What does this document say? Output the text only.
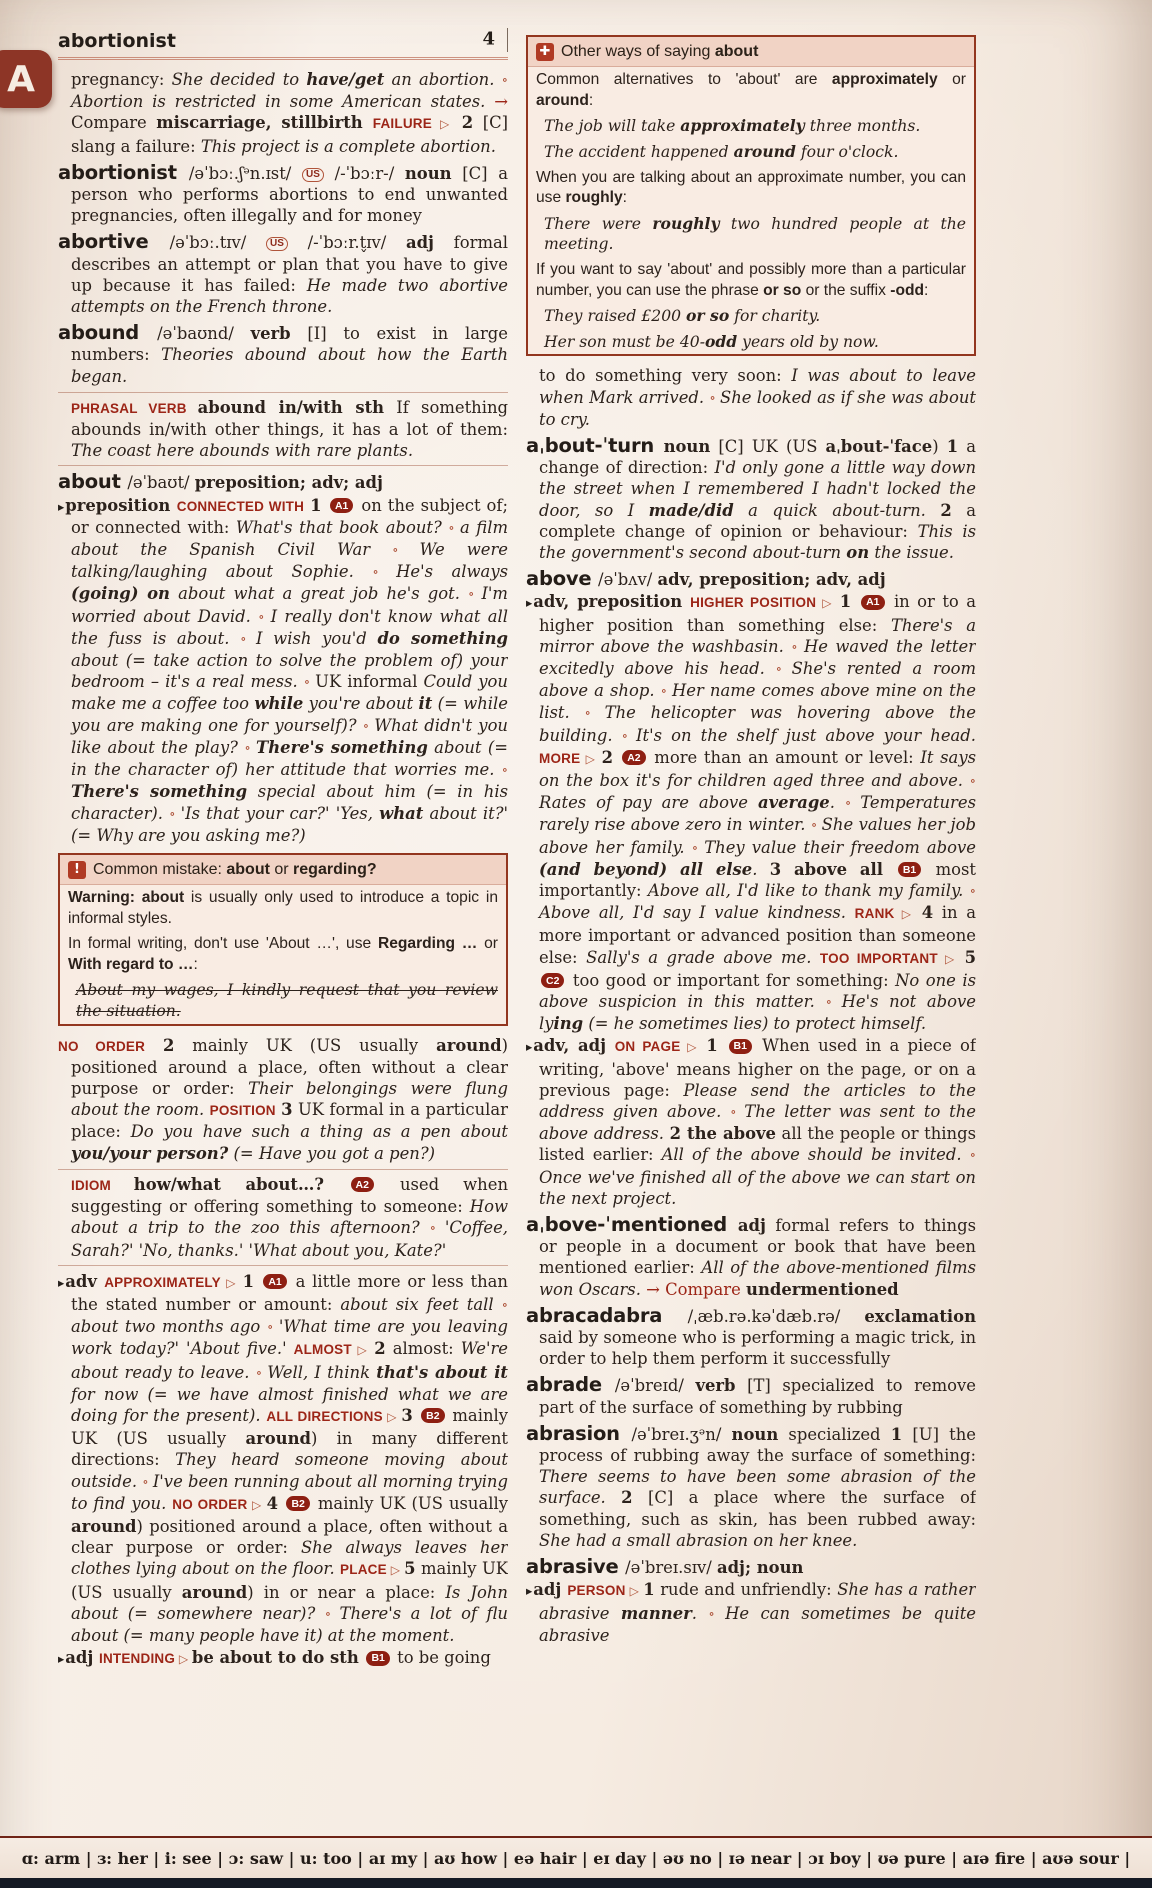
A
abortionist	4
pregnancy: She decided to have/get an abortion. ∘ Abortion is restricted in some American states. → Compare miscarriage, stillbirth FAILURE ▷ 2 [C] slang a failure: This project is a complete abortion.
abortionist /əˈbɔː.ʃᵊn.ɪst/ US /-ˈbɔːr-/ noun [C] a person who performs abortions to end unwanted pregnancies, often illegally and for money
abortive /əˈbɔː.tɪv/ US /-ˈbɔːr.t̬ɪv/ adj formal describes an attempt or plan that you have to give up because it has failed: He made two abortive attempts on the French throne.
abound /əˈbaʊnd/ verb [I] to exist in large numbers: Theories abound about how the Earth began.
PHRASAL VERB abound in/with sth If something abounds in/with other things, it has a lot of them: The coast here abounds with rare plants.
about /əˈbaʊt/ preposition; adv; adj
▸preposition CONNECTED WITH 1 A1 on the subject of; or connected with: What's that book about? ∘ a film about the Spanish Civil War ∘ We were talking/laughing about Sophie. ∘ He's always (going) on about what a great job he's got. ∘ I'm worried about David. ∘ I really don't know what all the fuss is about. ∘ I wish you'd do something about (= take action to solve the problem of) your bedroom – it's a real mess. ∘ UK informal Could you make me a coffee too while you're about it (= while you are making one for yourself)? ∘ What didn't you like about the play? ∘ There's something about (= in the character of) her attitude that worries me. ∘ There's something special about him (= in his character). ∘ 'Is that your car?' 'Yes, what about it?' (= Why are you asking me?)
! Common mistake: about or regarding?
Warning: about is usually only used to introduce a topic in informal styles.
In formal writing, don't use 'About …', use Regarding … or With regard to …:
About my wages, I kindly request that you review the situation.
NO ORDER 2 mainly UK (US usually around) positioned around a place, often without a clear purpose or order: Their belongings were flung about the room. POSITION 3 UK formal in a particular place: Do you have such a thing as a pen about you/your person? (= Have you got a pen?)
IDIOM how/what about…? A2 used when suggesting or offering something to someone: How about a trip to the zoo this afternoon? ∘ 'Coffee, Sarah?' 'No, thanks.' 'What about you, Kate?'
▸adv APPROXIMATELY ▷ 1 A1 a little more or less than the stated number or amount: about six feet tall ∘ about two months ago ∘ 'What time are you leaving work today?' 'About five.' ALMOST ▷ 2 almost: We're about ready to leave. ∘ Well, I think that's about it for now (= we have almost finished what we are doing for the present). ALL DIRECTIONS ▷ 3 B2 mainly UK (US usually around) in many different directions: They heard someone moving about outside. ∘ I've been running about all morning trying to find you. NO ORDER ▷ 4 B2 mainly UK (US usually around) positioned around a place, often without a clear purpose or order: She always leaves her clothes lying about on the floor. PLACE ▷ 5 mainly UK (US usually around) in or near a place: Is John about (= somewhere near)? ∘ There's a lot of flu about (= many people have it) at the moment.
▸adj INTENDING ▷ be about to do sth B1 to be going
✚ Other ways of saying about
Common alternatives to 'about' are approximately or around:
The job will take approximately three months.
The accident happened around four o'clock.
When you are talking about an approximate number, you can use roughly:
There were roughly two hundred people at the meeting.
If you want to say 'about' and possibly more than a particular number, you can use the phrase or so or the suffix -odd:
They raised £200 or so for charity.
Her son must be 40-odd years old by now.
to do something very soon: I was about to leave when Mark arrived. ∘ She looked as if she was about to cry.
aˌbout-ˈturn noun [C] UK (US aˌbout-ˈface) 1 a change of direction: I'd only gone a little way down the street when I remembered I hadn't locked the door, so I made/did a quick about-turn. 2 a complete change of opinion or behaviour: This is the government's second about-turn on the issue.
above /əˈbʌv/ adv, preposition; adv, adj
▸adv, preposition HIGHER POSITION ▷ 1 A1 in or to a higher position than something else: There's a mirror above the washbasin. ∘ He waved the letter excitedly above his head. ∘ She's rented a room above a shop. ∘ Her name comes above mine on the list. ∘ The helicopter was hovering above the building. ∘ It's on the shelf just above your head. MORE ▷ 2 A2 more than an amount or level: It says on the box it's for children aged three and above. ∘ Rates of pay are above average. ∘ Temperatures rarely rise above zero in winter. ∘ She values her job above her family. ∘ They value their freedom above (and beyond) all else. 3 above all B1 most importantly: Above all, I'd like to thank my family. ∘ Above all, I'd say I value kindness. RANK ▷ 4 in a more important or advanced position than someone else: Sally's a grade above me. TOO IMPORTANT ▷ 5 C2 too good or important for something: No one is above suspicion in this matter. ∘ He's not above lying (= he sometimes lies) to protect himself.
▸adv, adj ON PAGE ▷ 1 B1 When used in a piece of writing, 'above' means higher on the page, or on a previous page: Please send the articles to the address given above. ∘ The letter was sent to the above address. 2 the above all the people or things listed earlier: All of the above should be invited. ∘ Once we've finished all of the above we can start on the next project.
aˌbove-ˈmentioned adj formal refers to things or people in a document or book that have been mentioned earlier: All of the above-mentioned films won Oscars. → Compare undermentioned
abracadabra /ˌæb.rə.kəˈdæb.rə/ exclamation said by someone who is performing a magic trick, in order to help them perform it successfully
abrade /əˈbreɪd/ verb [T] specialized to remove part of the surface of something by rubbing
abrasion /əˈbreɪ.ʒᵊn/ noun specialized 1 [U] the process of rubbing away the surface of something: There seems to have been some abrasion of the surface. 2 [C] a place where the surface of something, such as skin, has been rubbed away: She had a small abrasion on her knee.
abrasive /əˈbreɪ.sɪv/ adj; noun
▸adj PERSON ▷ 1 rude and unfriendly: She has a rather abrasive manner. ∘ He can sometimes be quite abrasive
ɑ: arm | ɜ: her | i: see | ɔ: saw | u: too | aɪ my | aʊ how | eə hair | eɪ day | əʊ no | ɪə near | ɔɪ boy | ʊə pure | aɪə fire | aʊə sour |
